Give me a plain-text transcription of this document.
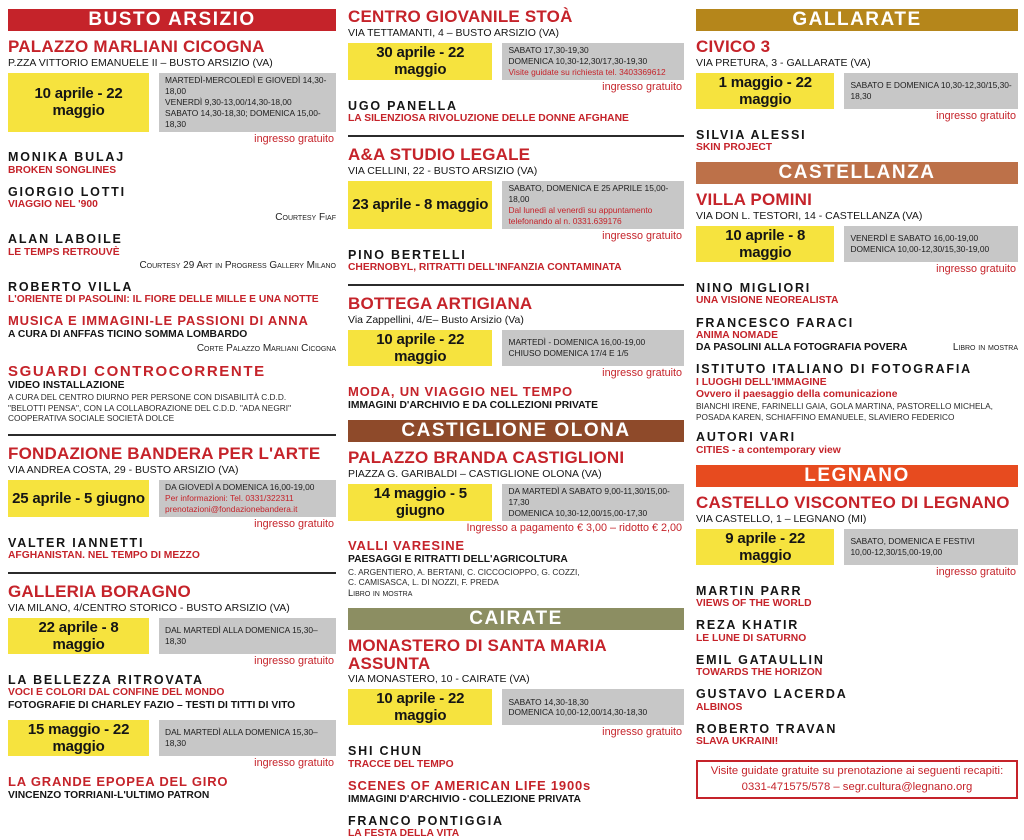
BUSTO ARSIZIO
PALAZZO MARLIANI CICOGNA
P.ZZA VITTORIO EMANUELE II – BUSTO ARSIZIO (VA)
10 aprile - 22 maggio
MARTEDÌ-MERCOLEDÌ E GIOVEDÌ 14,30-18,00
VENERDÌ 9,30-13,00/14,30-18,00
SABATO 14,30-18,30; DOMENICA 15,00-18,30
ingresso gratuito
MONIKA BULAJ
BROKEN SONGLINES
GIORGIO LOTTI
VIAGGIO NEL '900
Courtesy Fiaf
ALAN LABOILE
LE TEMPS RETROUVÈ
Courtesy 29 Art in Progress Gallery Milano
ROBERTO VILLA
L'ORIENTE DI PASOLINI: IL FIORE DELLE MILLE E UNA NOTTE
MUSICA E IMMAGINI-LE PASSIONI DI ANNA
A CURA DI ANFFAS TICINO SOMMA LOMBARDO
Corte Palazzo Marliani Cicogna
SGUARDI CONTROCORRENTE
VIDEO INSTALLAZIONE
A CURA DEL CENTRO DIURNO PER PERSONE CON DISABILITÀ C.D.D.
"BELOTTI PENSA", CON LA COLLABORAZIONE DEL C.D.D. "ADA NEGRI"
COOPERATIVA SOCIALE SOCIETÀ DOLCE
FONDAZIONE BANDERA PER L'ARTE
VIA ANDREA COSTA, 29 - BUSTO ARSIZIO (VA)
25 aprile - 5 giugno
DA GIOVEDÌ A DOMENICA 16,00-19,00
Per informazioni: Tel. 0331/322311
prenotazioni@fondazionebandera.it
ingresso gratuito
VALTER IANNETTI
AFGHANISTAN. NEL TEMPO DI MEZZO
GALLERIA BORAGNO
VIA MILANO, 4/CENTRO STORICO - BUSTO ARSIZIO (VA)
22 aprile - 8 maggio
DAL MARTEDÌ ALLA DOMENICA 15,30–18,30
ingresso gratuito
LA BELLEZZA RITROVATA
VOCI E COLORI DAL CONFINE DEL MONDO
FOTOGRAFIE DI CHARLEY FAZIO – TESTI DI TITTI DI VITO
15 maggio - 22 maggio
DAL MARTEDÌ ALLA DOMENICA 15,30–18,30
ingresso gratuito
LA GRANDE EPOPEA DEL GIRO
VINCENZO TORRIANI-L'ULTIMO PATRON
CENTRO GIOVANILE STOÀ
VIA TETTAMANTI, 4 – BUSTO ARSIZIO (VA)
30 aprile - 22 maggio
SABATO 17,30-19,30
DOMENICA 10,30-12,30/17,30-19,30
Visite guidate su richiesta tel. 3403369612
ingresso gratuito
UGO PANELLA
LA SILENZIOSA RIVOLUZIONE DELLE DONNE AFGHANE
A&A STUDIO LEGALE
VIA CELLINI, 22 - BUSTO ARSIZIO (VA)
23 aprile - 8 maggio
SABATO, DOMENICA E 25 APRILE 15,00-18,00
Dal lunedì al venerdì su appuntamento
telefonando al n. 0331.639176
ingresso gratuito
PINO BERTELLI
CHERNOBYL, RITRATTI DELL'INFANZIA CONTAMINATA
BOTTEGA ARTIGIANA
Via Zappellini, 4/E– Busto Arsizio (Va)
10 aprile - 22 maggio
MARTEDÌ - DOMENICA 16,00-19,00
CHIUSO DOMENICA 17/4 E 1/5
ingresso gratuito
MODA, UN VIAGGIO NEL TEMPO
IMMAGINI D'ARCHIVIO E DA COLLEZIONI PRIVATE
CASTIGLIONE OLONA
PALAZZO BRANDA CASTIGLIONI
PIAZZA G. GARIBALDI – CASTIGLIONE OLONA (VA)
14 maggio - 5 giugno
DA MARTEDÌ A SABATO 9,00-11,30/15,00-17,30
DOMENICA 10,30-12,00/15,00-17,30
Ingresso a pagamento € 3,00 – ridotto € 2,00
VALLI VARESINE
PAESAGGI E RITRATTI DELL'AGRICOLTURA
C. ARGENTIERO, A. BERTANI, C. CICCOCIOPPO, G. COZZI,
C. CAMISASCA, L. DI NOZZI, F. PREDA
Libro in mostra
CAIRATE
MONASTERO DI SANTA MARIA ASSUNTA
VIA MONASTERO, 10 - CAIRATE (VA)
10 aprile - 22 maggio
SABATO 14,30-18,30
DOMENICA 10,00-12,00/14,30-18,30
ingresso gratuito
SHI CHUN
TRACCE DEL TEMPO
SCENES OF AMERICAN LIFE 1900s
IMMAGINI D'ARCHIVIO - COLLEZIONE PRIVATA
FRANCO PONTIGGIA
LA FESTA DELLA VITA
GALLARATE
CIVICO 3
VIA PRETURA, 3 - GALLARATE (VA)
1 maggio - 22 maggio
SABATO E DOMENICA 10,30-12,30/15,30-18,30
ingresso gratuito
SILVIA ALESSI
SKIN PROJECT
CASTELLANZA
VILLA POMINI
VIA DON L. TESTORI, 14 - CASTELLANZA (VA)
10 aprile - 8 maggio
VENERDÌ E SABATO 16,00-19,00
DOMENICA 10,00-12,30/15,30-19,00
ingresso gratuito
NINO MIGLIORI
UNA VISIONE NEOREALISTA
FRANCESCO FARACI
ANIMA NOMADE
DA PASOLINI ALLA FOTOGRAFIA POVERA	Libro in mostra
ISTITUTO ITALIANO DI FOTOGRAFIA
I LUOGHI DELL'IMMAGINE
Ovvero il paesaggio della comunicazione
BIANCHI IRENE, FARINELLI GAIA, GOLA MARTINA, PASTORELLO MICHELA,
POSADA KAREN, SCHIAFFINO EMANUELE, SLAVIERO FEDERICO
AUTORI VARI
CITIES - a contemporary view
LEGNANO
CASTELLO VISCONTEO DI LEGNANO
VIA CASTELLO, 1 – LEGNANO (MI)
9 aprile - 22 maggio
SABATO, DOMENICA E FESTIVI
10,00-12,30/15,00-19,00
ingresso gratuito
MARTIN PARR
VIEWS OF THE WORLD
REZA KHATIR
LE LUNE DI SATURNO
EMIL GATAULLIN
TOWARDS THE HORIZON
GUSTAVO LACERDA
ALBINOS
ROBERTO TRAVAN
SLAVA UKRAINI!
Visite guidate gratuite su prenotazione ai seguenti recapiti:
0331-471575/578 – segr.cultura@legnano.org
